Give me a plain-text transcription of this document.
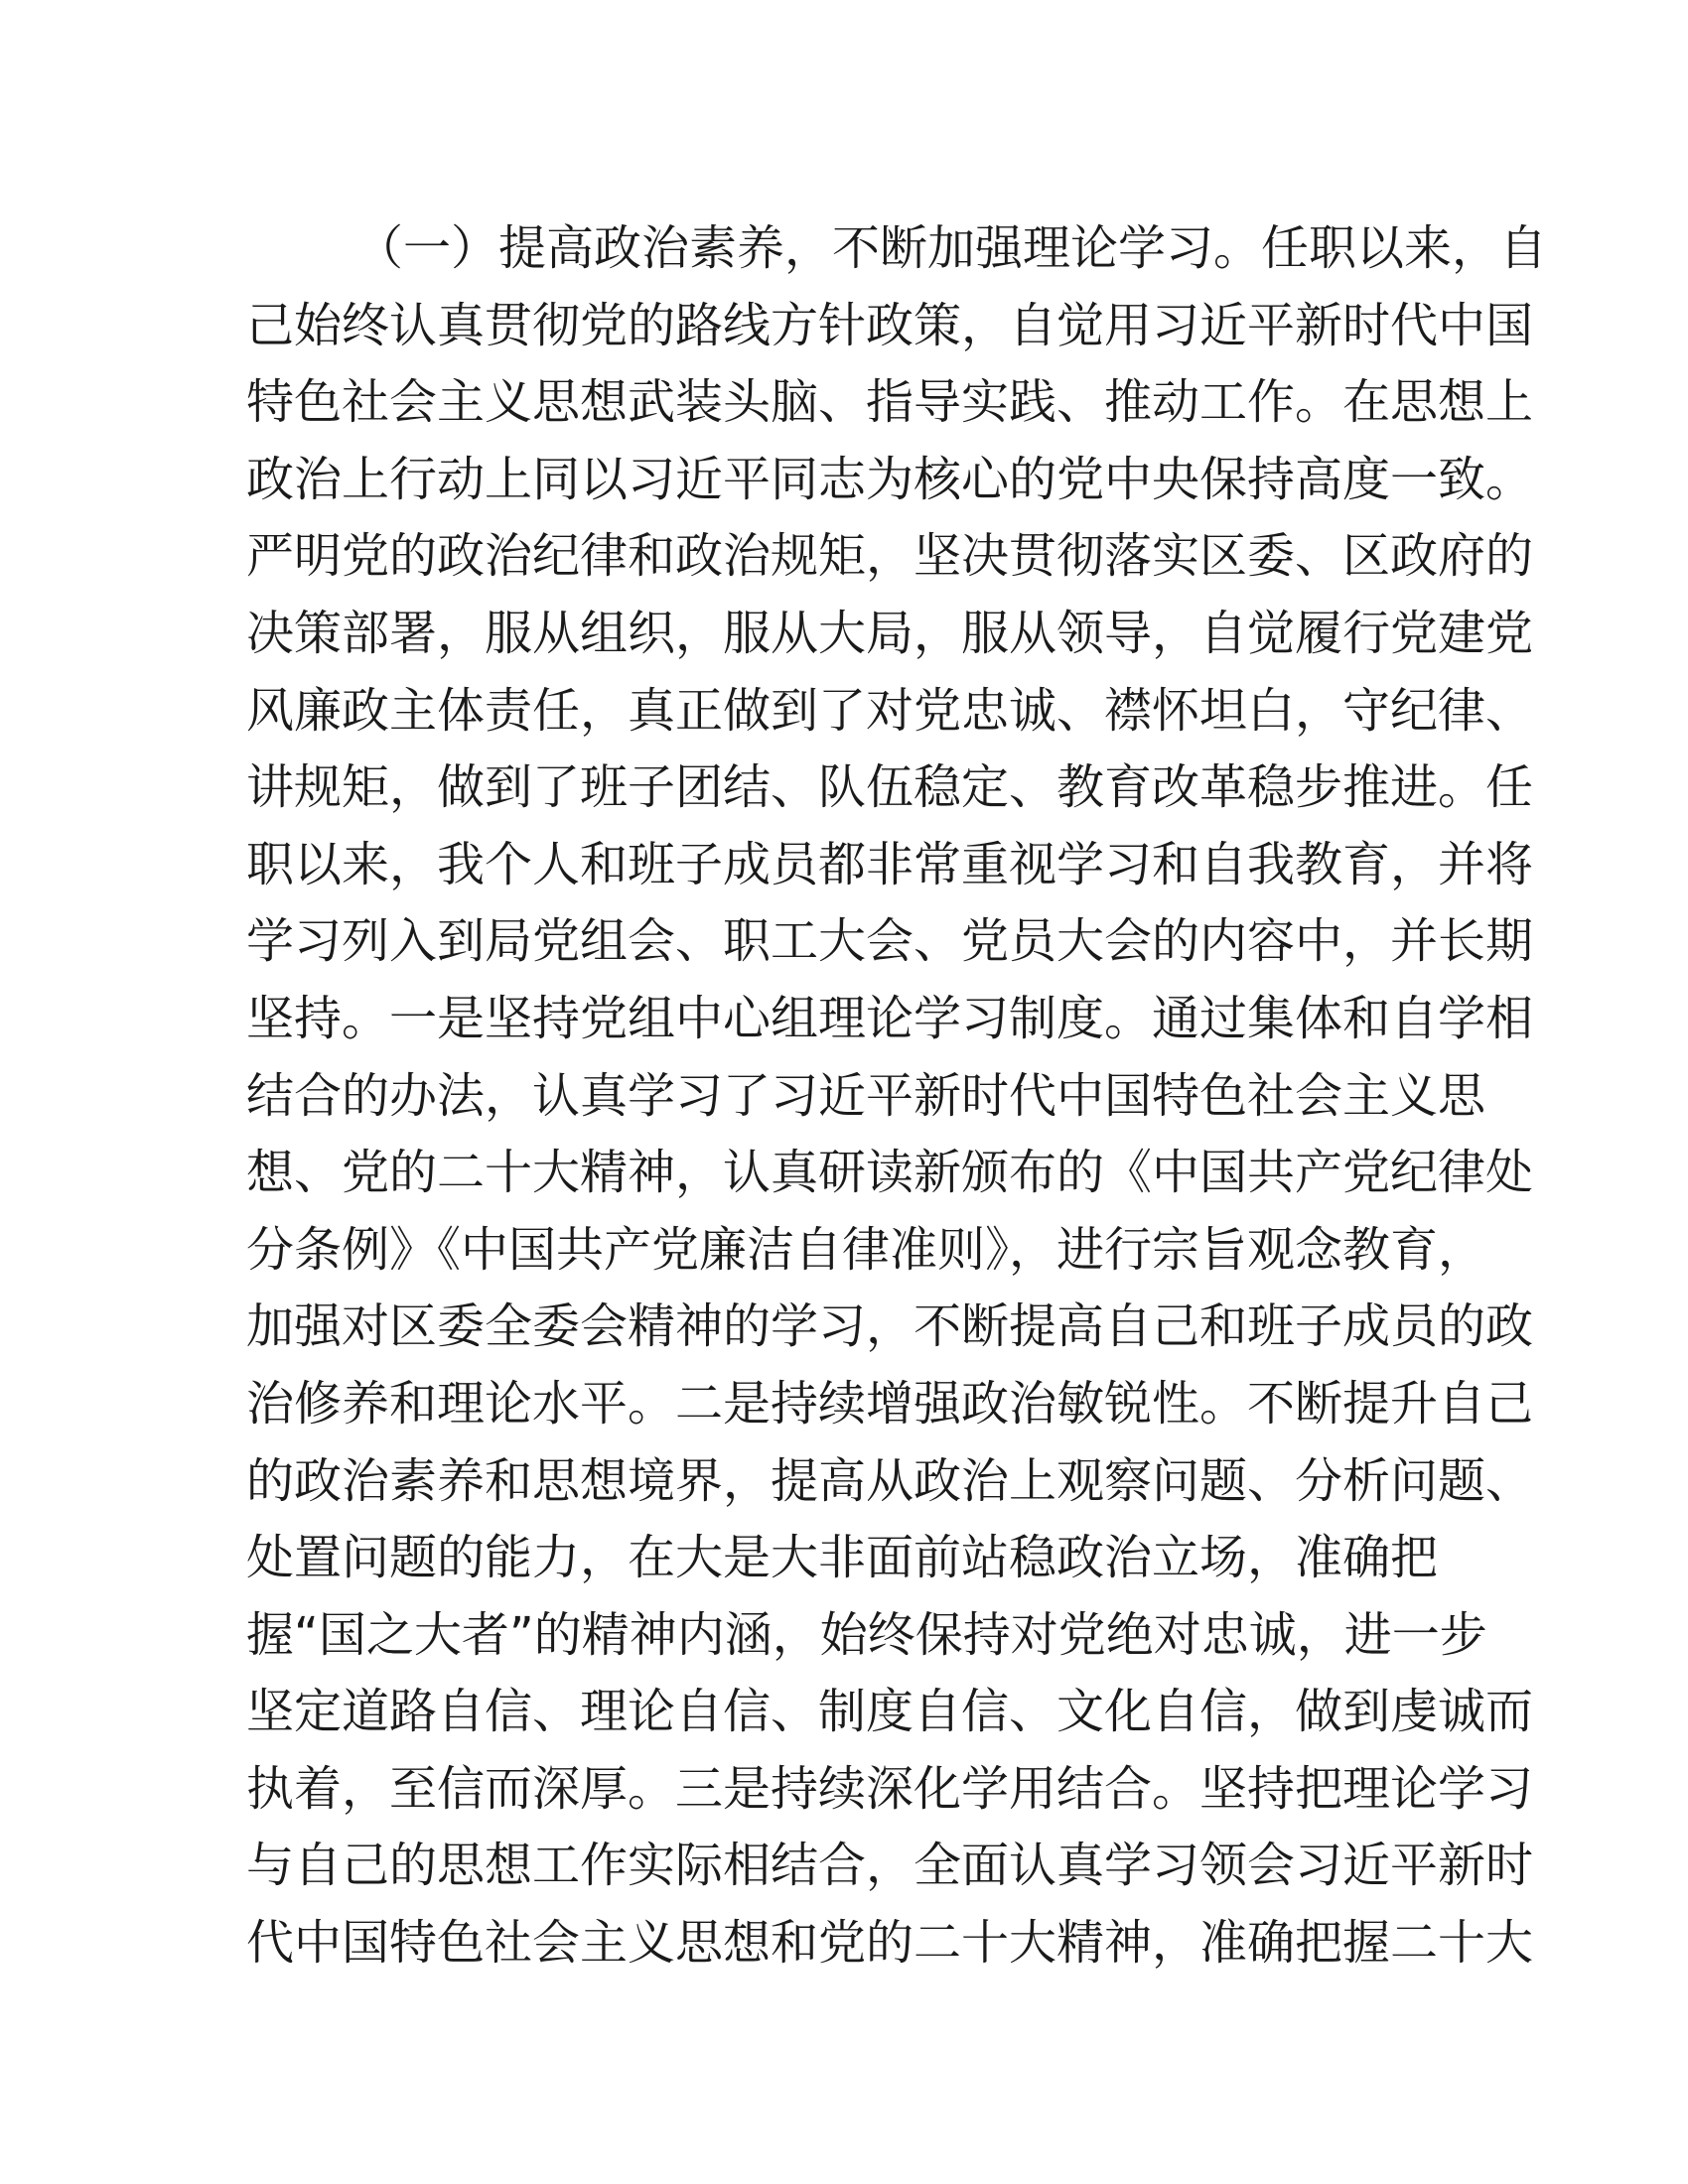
（一）提高政治素养，不断加强理论学习。任职以来，自
己始终认真贯彻党的路线方针政策，自觉用习近平新时代中国
特色社会主义思想武装头脑、指导实践、推动工作。在思想上
政治上行动上同以习近平同志为核心的党中央保持高度一致。
严明党的政治纪律和政治规矩，坚决贯彻落实区委、区政府的
决策部署，服从组织，服从大局，服从领导，自觉履行党建党
风廉政主体责任，真正做到了对党忠诚、襟怀坦白，守纪律、
讲规矩，做到了班子团结、队伍稳定、教育改革稳步推进。任
职以来，我个人和班子成员都非常重视学习和自我教育，并将
学习列入到局党组会、职工大会、党员大会的内容中，并长期
坚持。一是坚持党组中心组理论学习制度。通过集体和自学相
结合的办法，认真学习了习近平新时代中国特色社会主义思
想、党的二十大精神，认真研读新颁布的《中国共产党纪律处
分条例》《中国共产党廉洁自律准则》，进行宗旨观念教育，
加强对区委全委会精神的学习，不断提高自己和班子成员的政
治修养和理论水平。二是持续增强政治敏锐性。不断提升自己
的政治素养和思想境界，提高从政治上观察问题、分析问题、
处置问题的能力，在大是大非面前站稳政治立场，准确把
握“国之大者”的精神内涵，始终保持对党绝对忠诚，进一步
坚定道路自信、理论自信、制度自信、文化自信，做到虔诚而
执着，至信而深厚。三是持续深化学用结合。坚持把理论学习
与自己的思想工作实际相结合，全面认真学习领会习近平新时
代中国特色社会主义思想和党的二十大精神，准确把握二十大
